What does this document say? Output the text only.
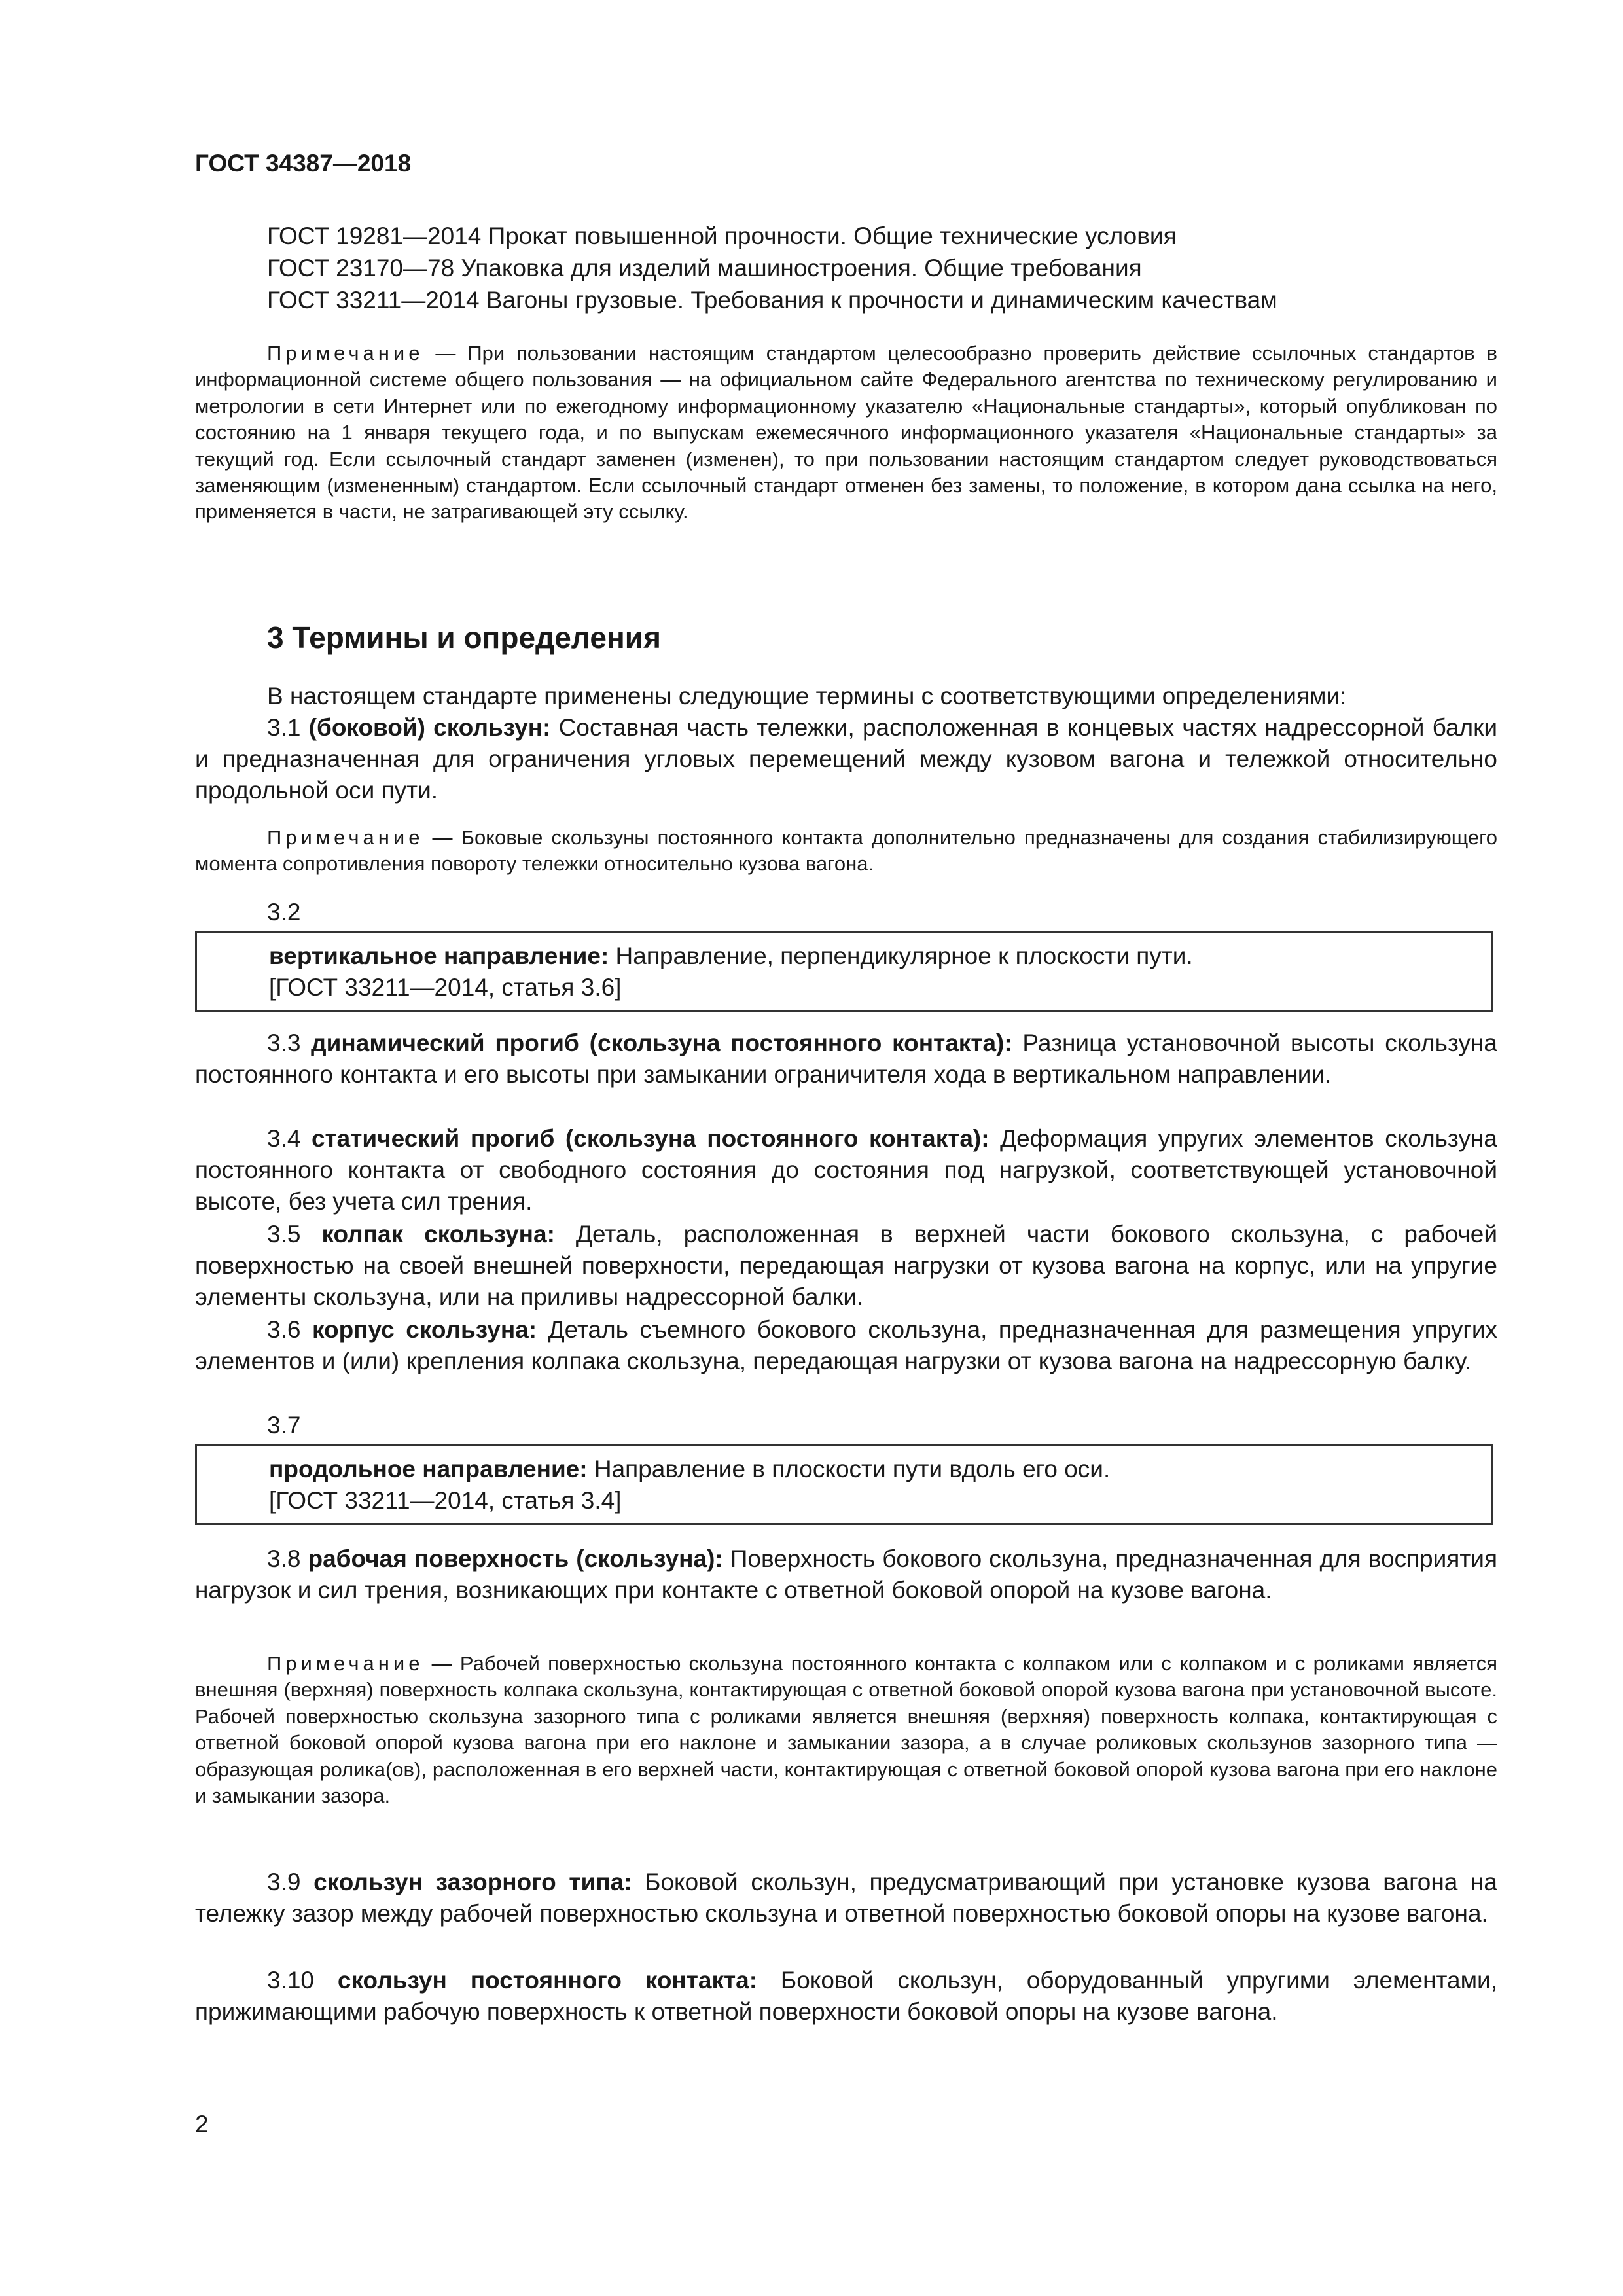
ГОСТ 34387—2018
ГОСТ 19281—2014 Прокат повышенной прочности. Общие технические условия
ГОСТ 23170—78 Упаковка для изделий машиностроения. Общие требования
ГОСТ 33211—2014 Вагоны грузовые. Требования к прочности и динамическим качествам

Примечание — При пользовании настоящим стандартом целесообразно проверить действие ссылочных стандартов в информационной системе общего пользования — на официальном сайте Федерального агентства по техническому регулированию и метрологии в сети Интернет или по ежегодному информационному указателю «Национальные стандарты», который опубликован по состоянию на 1 января текущего года, и по выпускам ежемесячного информационного указателя «Национальные стандарты» за текущий год. Если ссылочный стандарт заменен (изменен), то при пользовании настоящим стандартом следует руководствоваться заменяющим (измененным) стандартом. Если ссылочный стандарт отменен без замены, то положение, в котором дана ссылка на него, применяется в части, не затрагивающей эту ссылку.

3 Термины и определения

В настоящем стандарте применены следующие термины с соответствующими определениями:

3.1 (боковой) скользун: Составная часть тележки, расположенная в концевых частях надрессорной балки и предназначенная для ограничения угловых перемещений между кузовом вагона и тележкой относительно продольной оси пути.

Примечание — Боковые скользуны постоянного контакта дополнительно предназначены для создания стабилизирующего момента сопротивления повороту тележки относительно кузова вагона.

3.2
вертикальное направление: Направление, перпендикулярное к плоскости пути.
[ГОСТ 33211—2014, статья 3.6]

3.3 динамический прогиб (скользуна постоянного контакта): Разница установочной высоты скользуна постоянного контакта и его высоты при замыкании ограничителя хода в вертикальном направлении.

3.4 статический прогиб (скользуна постоянного контакта): Деформация упругих элементов скользуна постоянного контакта от свободного состояния до состояния под нагрузкой, соответствующей установочной высоте, без учета сил трения.

3.5 колпак скользуна: Деталь, расположенная в верхней части бокового скользуна, с рабочей поверхностью на своей внешней поверхности, передающая нагрузки от кузова вагона на корпус, или на упругие элементы скользуна, или на приливы надрессорной балки.

3.6 корпус скользуна: Деталь съемного бокового скользуна, предназначенная для размещения упругих элементов и (или) крепления колпака скользуна, передающая нагрузки от кузова вагона на надрессорную балку.

3.7
продольное направление: Направление в плоскости пути вдоль его оси.
[ГОСТ 33211—2014, статья 3.4]

3.8 рабочая поверхность (скользуна): Поверхность бокового скользуна, предназначенная для восприятия нагрузок и сил трения, возникающих при контакте с ответной боковой опорой на кузове вагона.

Примечание — Рабочей поверхностью скользуна постоянного контакта с колпаком или с колпаком и с роликами является внешняя (верхняя) поверхность колпака скользуна, контактирующая с ответной боковой опорой кузова вагона при установочной высоте. Рабочей поверхностью скользуна зазорного типа с роликами является внешняя (верхняя) поверхность колпака, контактирующая с ответной боковой опорой кузова вагона при его наклоне и замыкании зазора, а в случае роликовых скользунов зазорного типа —образующая ролика(ов), расположенная в его верхней части, контактирующая с ответной боковой опорой кузова вагона при его наклоне и замыкании зазора.

3.9 скользун зазорного типа: Боковой скользун, предусматривающий при установке кузова вагона на тележку зазор между рабочей поверхностью скользуна и ответной поверхностью боковой опоры на кузове вагона.

3.10 скользун постоянного контакта: Боковой скользун, оборудованный упругими элементами, прижимающими рабочую поверхность к ответной поверхности боковой опоры на кузове вагона.

2
